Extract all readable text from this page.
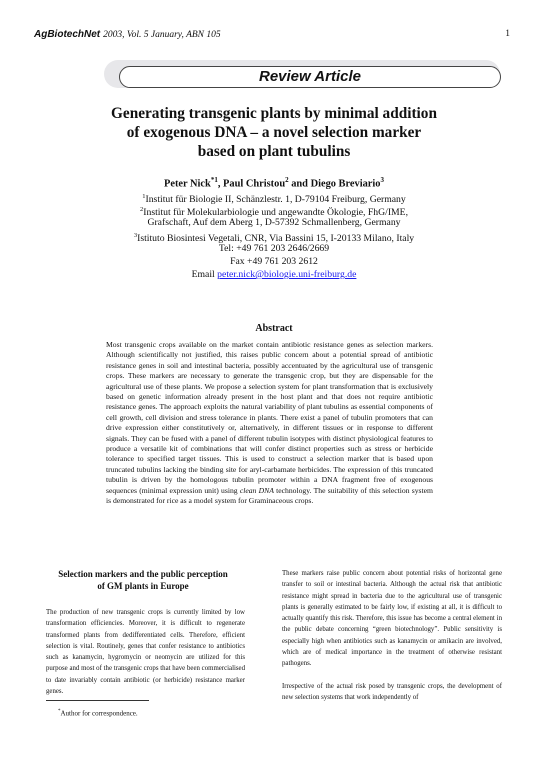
AgBiotechNet 2003, Vol. 5 January, ABN 105	1
Review Article
Generating transgenic plants by minimal addition
of exogenous DNA – a novel selection marker
based on plant tubulins
Peter Nick$^{*1}$, Paul Christou$^2$ and Diego Breviario$^3$
$^1$Institut für Biologie II, Schänzlestr. 1, D-79104 Freiburg, Germany
$^2$Institut für Molekularbiologie und angewandte Ökologie, FhG/IME,
Grafschaft, Auf dem Aberg 1, D-57392 Schmallenberg, Germany
$^3$Istituto Biosintesi Vegetali, CNR, Via Bassini 15, I-20133 Milano, Italy
Tel: +49 761 203 2646/2669
Fax +49 761 203 2612
Email peter.nick@biologie.uni-freiburg.de
Abstract

Most transgenic crops available on the market contain antibiotic resistance genes as selection markers. Although scientifically not justified, this raises public concern about a potential spread of antibiotic resistance genes in soil and intestinal bacteria, possibly accentuated by the agricultural use of transgenic crops. These markers are necessary to generate the transgenic crop, but they are dispensable for the agricultural use of these plants. We propose a selection system for plant transformation that is exclusively based on genetic information already present in the host plant and that does not require antibiotic resistance genes. The approach exploits the natural variability of plant tubulins as essential components of cell growth, cell division and stress tolerance in plants. There exist a panel of tubulin promoters that can drive expression either constitutively or, alternatively, in different tissues or in response to different signals. They can be fused with a panel of different tubulin isotypes with distinct physiological features to produce a versatile kit of combinations that will confer distinct properties such as stress or herbicide tolerance to specified target tissues. This is used to construct a selection marker that is based upon truncated tubulins lacking the binding site for aryl-carbamate herbicides. The expression of this truncated tubulin is driven by the homologous tubulin promoter within a DNA fragment free of exogenous sequences (minimal expression unit) using clean DNA technology. The suitability of this selection system is demonstrated for rice as a model system for Graminaceous crops.

Selection markers and the public perception
of GM plants in Europe

The production of new transgenic crops is currently limited by low transformation efficiencies. Moreover, it is difficult to regenerate transformed plants from dedifferentiated cells. Therefore, efficient selection is vital. Routinely, genes that confer resistance to antibiotics such as kanamycin, hygromycin or neomycin are utilized for this purpose and most of the transgenic crops that have been commercialised to date invariably contain antibiotic (or herbicide) resistance marker genes.

These markers raise public concern about potential risks of horizontal gene transfer to soil or intestinal bacteria. Although the actual risk that antibiotic resistance might spread in bacteria due to the agricultural use of transgenic plants is generally estimated to be fairly low, if existing at all, it is difficult to actually quantify this risk. Therefore, this issue has become a central element in the public debate concerning “green biotechnology”. Public sensitivity is especially high when antibiotics such as kanamycin or amikacin are involved, which are of medical importance in the treatment of otherwise resistant pathogens.

Irrespective of the actual risk posed by transgenic crops, the development of new selection systems that work independently of

*Author for correspondence.
